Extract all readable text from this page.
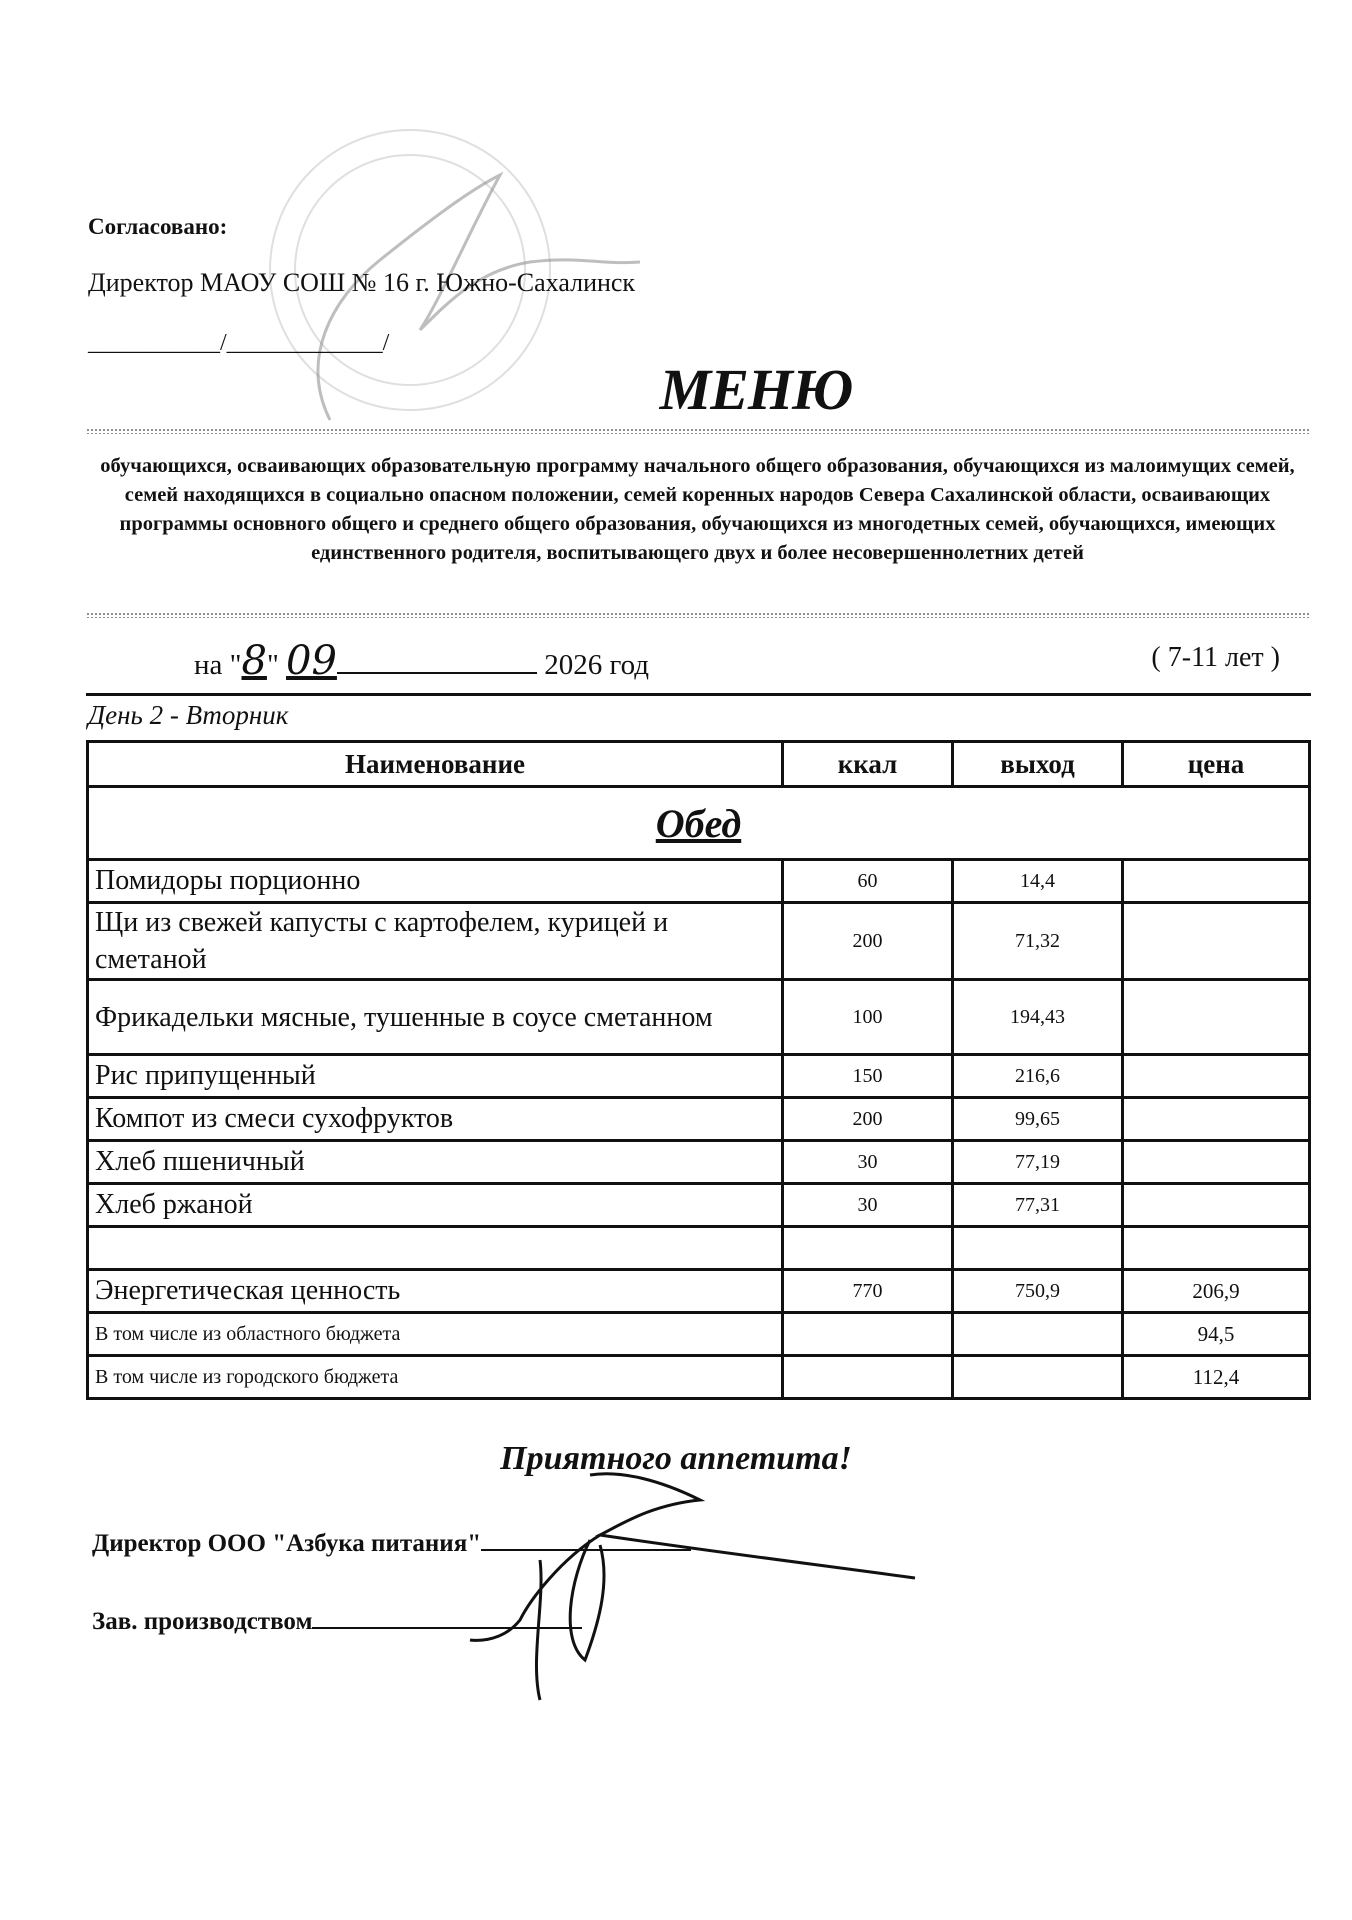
Согласовано:
Директор МАОУ СОШ № 16 г. Южно-Сахалинск
___________/_____________/
МЕНЮ
обучающихся, осваивающих образовательную программу начального общего образования, обучающихся из малоимущих семей, семей находящихся в социально опасном положении, семей коренных народов Севера Сахалинской области, осваивающих программы основного общего и среднего общего образования, обучающихся из многодетных семей, обучающихся, имеющих единственного родителя, воспитывающего двух и более несовершеннолетних детей
на "8" 09	2026 год	( 7-11 лет )
День 2 - Вторник
Наименование	ккал	выход	цена
Обед			
Помидоры порционно	60	14,4	
Щи из свежей капусты с картофелем, курицей и сметаной	200	71,32	
Фрикадельки мясные, тушенные в соусе сметанном	100	194,43	
Рис припущенный	150	216,6	
Компот из смеси сухофруктов	200	99,65	
Хлеб пшеничный	30	77,19	
Хлеб ржаной	30	77,31	

Энергетическая ценность	770	750,9	206,9
В том числе из областного бюджета			94,5
В том числе из городского бюджета			112,4
Приятного аппетита!
Директор ООО "Азбука питания"
Зав. производством
